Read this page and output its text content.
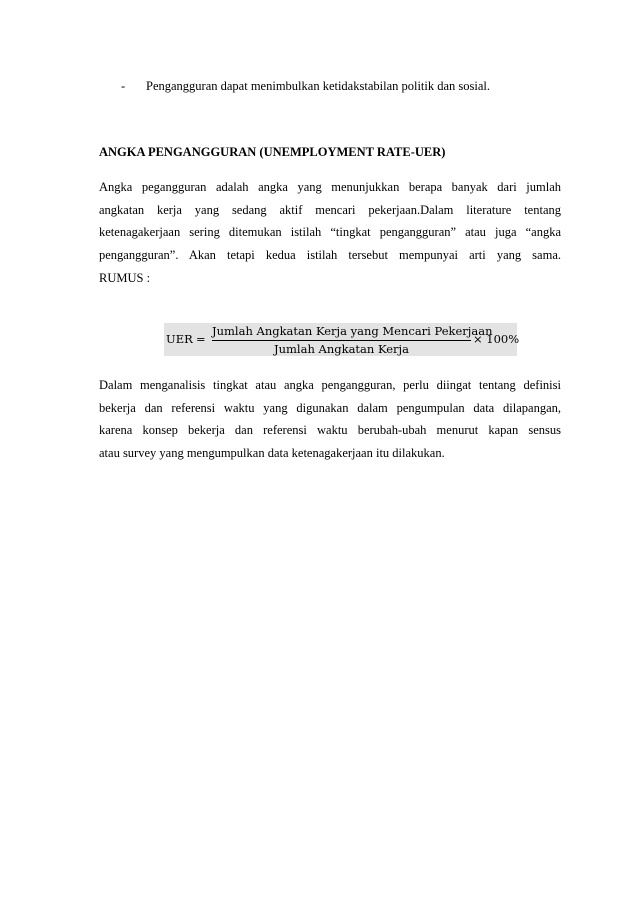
- Pengangguran dapat menimbulkan ketidakstabilan politik dan sosial.
ANGKA PENGANGGURAN (UNEMPLOYMENT RATE-UER)
Angka pegangguran adalah angka yang menunjukkan berapa banyak dari jumlah
angkatan kerja yang sedang aktif mencari pekerjaan.Dalam literature tentang
ketenagakerjaan sering ditemukan istilah “tingkat pengangguran” atau juga “angka
pengangguran”. Akan tetapi kedua istilah tersebut mempunyai arti yang sama.
RUMUS :
UER =
Jumlah Angkatan Kerja yang Mencari Pekerjaan
Jumlah Angkatan Kerja
× 100%
Dalam menganalisis tingkat atau angka pengangguran, perlu diingat tentang definisi
bekerja dan referensi waktu yang digunakan dalam pengumpulan data dilapangan,
karena konsep bekerja dan referensi waktu berubah-ubah menurut kapan sensus
atau survey yang mengumpulkan data ketenagakerjaan itu dilakukan.
